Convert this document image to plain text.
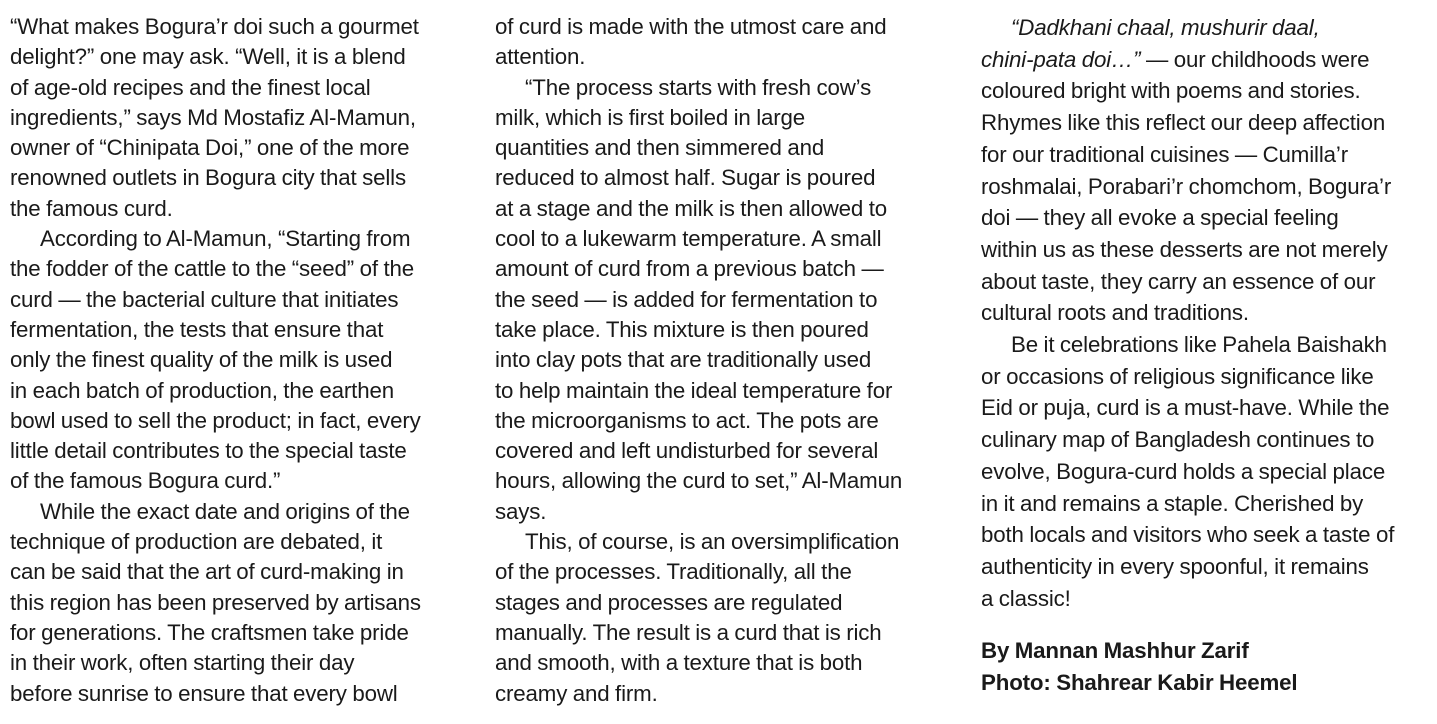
“What makes Bogura’r doi such a gourmet

delight?” one may ask. “Well, it is a blend

of age-old recipes and the finest local

ingredients,” says Md Mostafiz Al-Mamun,

owner of “Chinipata Doi,” one of the more

renowned outlets in Bogura city that sells

the famous curd.

According to Al-Mamun, “Starting from

the fodder of the cattle to the “seed” of the

curd — the bacterial culture that initiates

fermentation, the tests that ensure that

only the finest quality of the milk is used

in each batch of production, the earthen

bowl used to sell the product; in fact, every

little detail contributes to the special taste

of the famous Bogura curd.”

While the exact date and origins of the

technique of production are debated, it

can be said that the art of curd-making in

this region has been preserved by artisans

for generations. The craftsmen take pride

in their work, often starting their day

before sunrise to ensure that every bowl

of curd is made with the utmost care and

attention.

“The process starts with fresh cow’s

milk, which is first boiled in large

quantities and then simmered and

reduced to almost half. Sugar is poured

at a stage and the milk is then allowed to

cool to a lukewarm temperature. A small

amount of curd from a previous batch —

the seed — is added for fermentation to

take place. This mixture is then poured

into clay pots that are traditionally used

to help maintain the ideal temperature for

the microorganisms to act. The pots are

covered and left undisturbed for several

hours, allowing the curd to set,” Al-Mamun

says.

This, of course, is an oversimplification

of the processes. Traditionally, all the

stages and processes are regulated

manually. The result is a curd that is rich

and smooth, with a texture that is both

creamy and firm.

“Dadkhani chaal, mushurir daal,

chini-pata doi…” — our childhoods were

coloured bright with poems and stories.

Rhymes like this reflect our deep affection

for our traditional cuisines — Cumilla’r

roshmalai, Porabari’r chomchom, Bogura’r

doi — they all evoke a special feeling

within us as these desserts are not merely

about taste, they carry an essence of our

cultural roots and traditions.

Be it celebrations like Pahela Baishakh

or occasions of religious significance like

Eid or puja, curd is a must-have. While the

culinary map of Bangladesh continues to

evolve, Bogura-curd holds a special place

in it and remains a staple. Cherished by

both locals and visitors who seek a taste of

authenticity in every spoonful, it remains

a classic!

By Mannan Mashhur Zarif

Photo: Shahrear Kabir Heemel
